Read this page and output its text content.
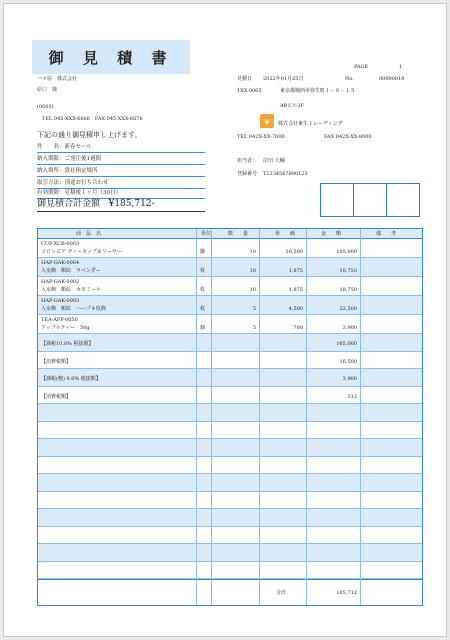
御 見 積 書
PAGE	1
ハツ屋　株式会社
原口　様
(0001)
TEL 045-XXX-6666　FAX 045-XXX-6676
下記の通り御見積申し上げます。
見積日 2022年01月25日	No.	00000019
1XX-0065	東京都城西市弥生町１－８－１５
ABビル3F
¥ 株式会社東生トレーディング
TEL 042X-XX-7000	FAX 042X-XX-8000
担当者： 岸田 大輔
登録番号 T1234567890123
件　　名：新春セール
納入期限：ご発注後1週間
納入場所：貴社指定場所
取引方法：別途お打ち合わせ
有効期限：見積後１ヶ月（30日）
御見積合計金額 ¥185,712-
商　品　名	単位	数　　量	単　　価	金　　額	備　　考
CUP-XCB-0003
コロンビア ティーカップ＆ソーサー	脚	10	10,500	105,000
HAP-GAK-0004
入室飾　額絵　ラベンダー	枚	10	1,875	18,750
HAP-GAK-0002
入室飾　額絵　カモミール	枚	10	1,875	18,750
HAP-GAK-0003
入室飾　額絵　ハーブ４枚飾	枚	5	4,500	22,500
TEA-APP-0050
アップルティー　50g	個	5	780	3,900
【課税10.0% 税抜額】	165,000
【消費税額】	16,500
【課税(軽) 8.0% 税抜額】	3,900
【消費税額】	312
合計	185,712
